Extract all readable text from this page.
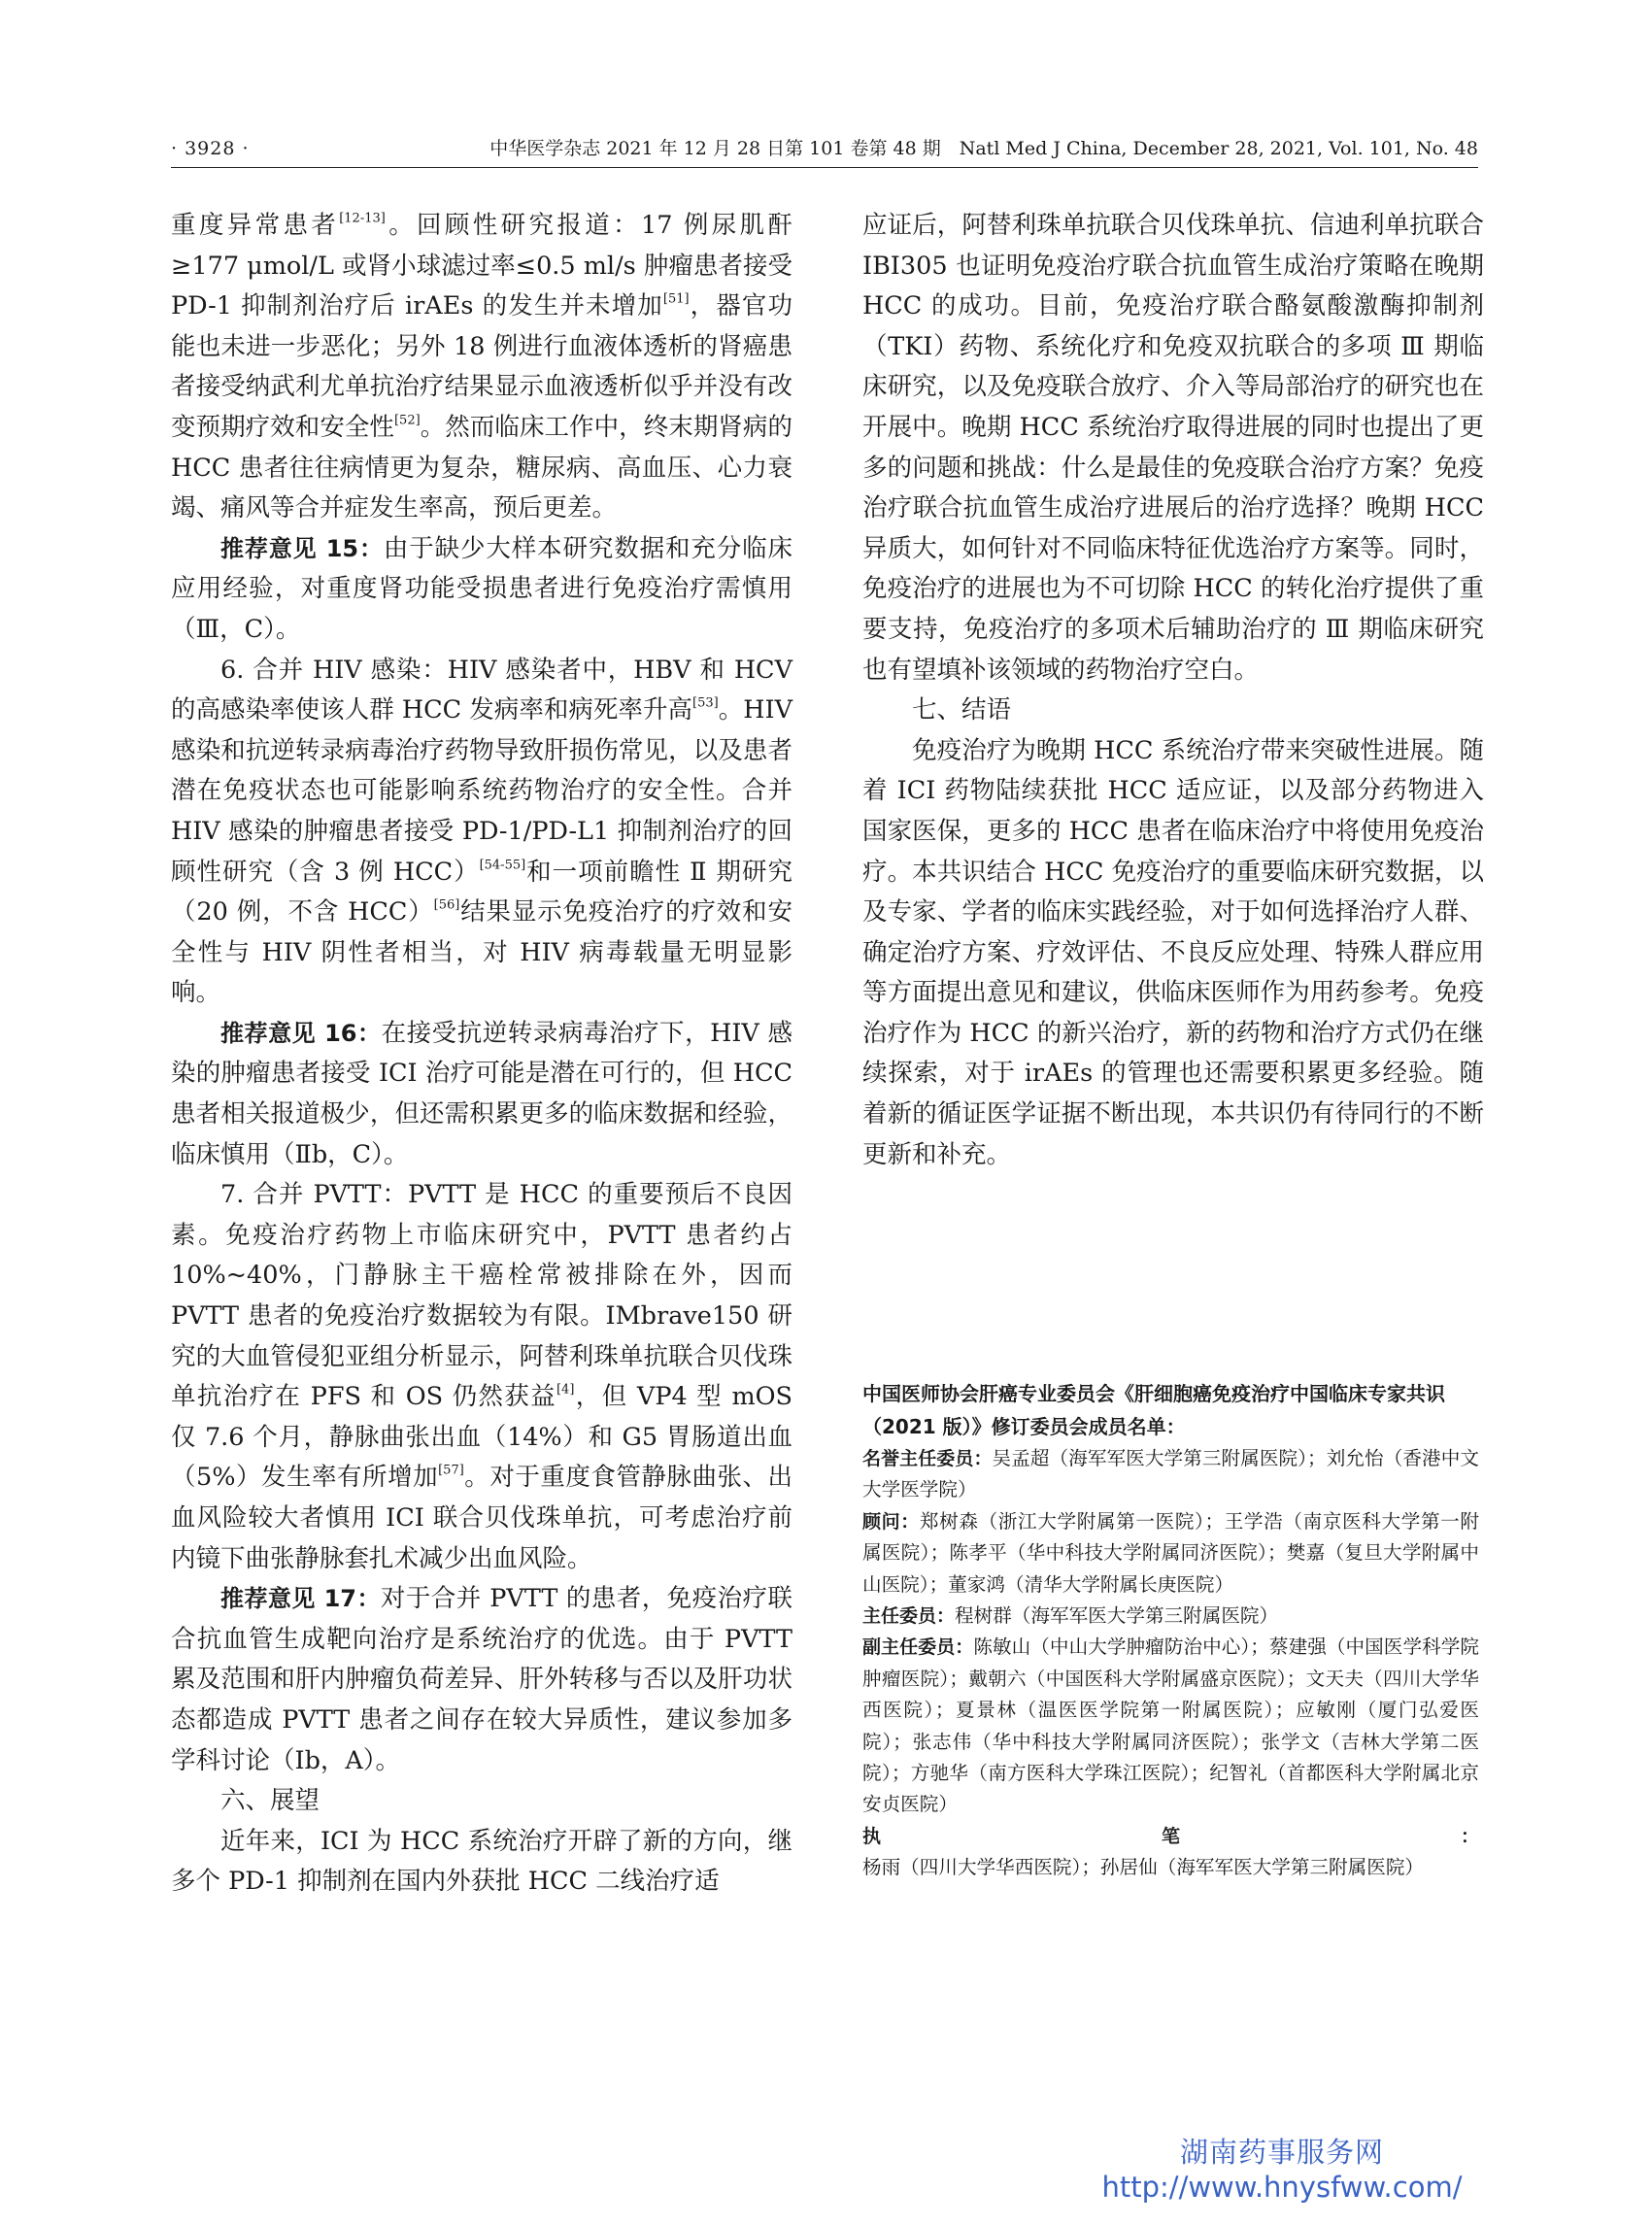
· 3928 ·	中华医学杂志 2021 年 12 月 28 日第 101 卷第 48 期　Natl Med J China, December 28, 2021, Vol. 101, No. 48

重度异常患者[12-13]。回顾性研究报道：17 例尿肌酐≥177 μmol/L 或肾小球滤过率≤0.5 ml/s 肿瘤患者接受 PD-1 抑制剂治疗后 irAEs 的发生并未增加[51]，器官功能也未进一步恶化；另外 18 例进行血液体透析的肾癌患者接受纳武利尤单抗治疗结果显示血液透析似乎并没有改变预期疗效和安全性[52]。然而临床工作中，终末期肾病的 HCC 患者往往病情更为复杂，糖尿病、高血压、心力衰竭、痛风等合并症发生率高，预后更差。

推荐意见 15：由于缺少大样本研究数据和充分临床应用经验，对重度肾功能受损患者进行免疫治疗需慎用（Ⅲ，C）。

6. 合并 HIV 感染：HIV 感染者中，HBV 和 HCV 的高感染率使该人群 HCC 发病率和病死率升高[53]。HIV 感染和抗逆转录病毒治疗药物导致肝损伤常见，以及患者潜在免疫状态也可能影响系统药物治疗的安全性。合并 HIV 感染的肿瘤患者接受 PD-1/PD-L1 抑制剂治疗的回顾性研究（含 3 例 HCC）[54-55]和一项前瞻性 Ⅱ 期研究（20 例，不含 HCC）[56]结果显示免疫治疗的疗效和安全性与 HIV 阴性者相当，对 HIV 病毒载量无明显影响。

推荐意见 16：在接受抗逆转录病毒治疗下，HIV 感染的肿瘤患者接受 ICI 治疗可能是潜在可行的，但 HCC 患者相关报道极少，但还需积累更多的临床数据和经验，临床慎用（Ⅱb，C）。

7. 合并 PVTT：PVTT 是 HCC 的重要预后不良因素。免疫治疗药物上市临床研究中，PVTT 患者约占 10%~40%，门静脉主干癌栓常被排除在外，因而 PVTT 患者的免疫治疗数据较为有限。IMbrave150 研究的大血管侵犯亚组分析显示，阿替利珠单抗联合贝伐珠单抗治疗在 PFS 和 OS 仍然获益[4]，但 VP4 型 mOS 仅 7.6 个月，静脉曲张出血（14%）和 G5 胃肠道出血（5%）发生率有所增加[57]。对于重度食管静脉曲张、出血风险较大者慎用 ICI 联合贝伐珠单抗，可考虑治疗前内镜下曲张静脉套扎术减少出血风险。

推荐意见 17：对于合并 PVTT 的患者，免疫治疗联合抗血管生成靶向治疗是系统治疗的优选。由于 PVTT 累及范围和肝内肿瘤负荷差异、肝外转移与否以及肝功状态都造成 PVTT 患者之间存在较大异质性，建议参加多学科讨论（Ⅰb，A）。

六、展望

近年来，ICI 为 HCC 系统治疗开辟了新的方向，继多个 PD-1 抑制剂在国内外获批 HCC 二线治疗适

应证后，阿替利珠单抗联合贝伐珠单抗、信迪利单抗联合 IBI305 也证明免疫治疗联合抗血管生成治疗策略在晚期 HCC 的成功。目前，免疫治疗联合酪氨酸激酶抑制剂（TKI）药物、系统化疗和免疫双抗联合的多项 Ⅲ 期临床研究，以及免疫联合放疗、介入等局部治疗的研究也在开展中。晚期 HCC 系统治疗取得进展的同时也提出了更多的问题和挑战：什么是最佳的免疫联合治疗方案？免疫治疗联合抗血管生成治疗进展后的治疗选择？晚期 HCC 异质大，如何针对不同临床特征优选治疗方案等。同时，免疫治疗的进展也为不可切除 HCC 的转化治疗提供了重要支持，免疫治疗的多项术后辅助治疗的 Ⅲ 期临床研究也有望填补该领域的药物治疗空白。

七、结语

免疫治疗为晚期 HCC 系统治疗带来突破性进展。随着 ICI 药物陆续获批 HCC 适应证，以及部分药物进入国家医保，更多的 HCC 患者在临床治疗中将使用免疫治疗。本共识结合 HCC 免疫治疗的重要临床研究数据，以及专家、学者的临床实践经验，对于如何选择治疗人群、确定治疗方案、疗效评估、不良反应处理、特殊人群应用等方面提出意见和建议，供临床医师作为用药参考。免疫治疗作为 HCC 的新兴治疗，新的药物和治疗方式仍在继续探索，对于 irAEs 的管理也还需要积累更多经验。随着新的循证医学证据不断出现，本共识仍有待同行的不断更新和补充。

中国医师协会肝癌专业委员会《肝细胞癌免疫治疗中国临床专家共识（2021 版）》修订委员会成员名单：

名誉主任委员：吴孟超（海军军医大学第三附属医院）；刘允怡（香港中文大学医学院）

顾问：郑树森（浙江大学附属第一医院）；王学浩（南京医科大学第一附属医院）；陈孝平（华中科技大学附属同济医院）；樊嘉（复旦大学附属中山医院）；董家鸿（清华大学附属长庚医院）

主任委员：程树群（海军军医大学第三附属医院）

副主任委员：陈敏山（中山大学肿瘤防治中心）；蔡建强（中国医学科学院肿瘤医院）；戴朝六（中国医科大学附属盛京医院）；文天夫（四川大学华西医院）；夏景林（温医医学院第一附属医院）；应敏刚（厦门弘爱医院）；张志伟（华中科技大学附属同济医院）；张学文（吉林大学第二医院）；方驰华（南方医科大学珠江医院）；纪智礼（首都医科大学附属北京安贞医院）

执笔：杨雨（四川大学华西医院）；孙居仙（海军军医大学第三附属医院）

湖南药事服务网
http://www.hnysfww.com/
